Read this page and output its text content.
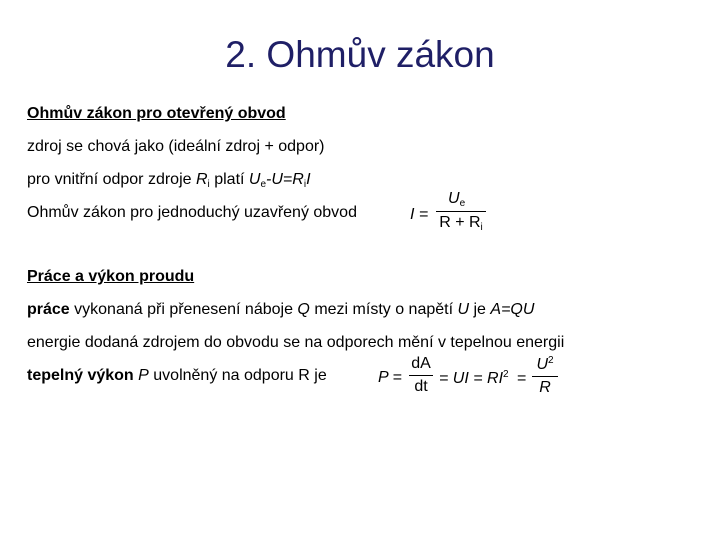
2. Ohmův zákon
Ohmův zákon pro otevřený obvod
zdroj se chová jako (ideální zdroj + odpor)
pro vnitřní odpor zdroje $R_i$ platí $U_e-U=R_iI$
Ohmův zákon pro jednoduchý uzavřený obvod	I =
$U_e$
$R + R_i$
Práce a výkon proudu
práce vykonaná při přenesení náboje Q mezi místy o napětí U je A=QU
energie dodaná zdrojem do obvodu se na odporech mění v tepelnou energii
tepelný výkon P uvolněný na odporu R je	P =
dA
dt = UI = $RI^2$ =
$U^2$
R
